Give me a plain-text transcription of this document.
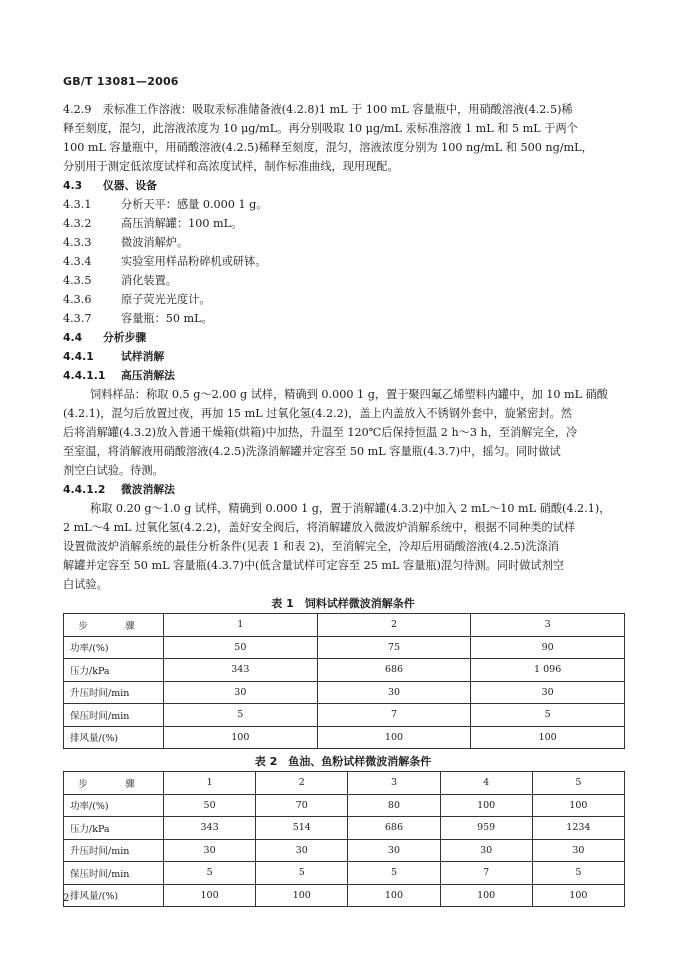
GB/T 13081—2006
4.2.9　汞标准工作溶液：吸取汞标准储备液(4.2.8)1 mL 于 100 mL 容量瓶中，用硝酸溶液(4.2.5)稀
释至刻度，混匀，此溶液浓度为 10 μg/mL。再分别吸取 10 μg/mL 汞标准溶液 1 mL 和 5 mL 于两个
100 mL 容量瓶中，用硝酸溶液(4.2.5)稀释至刻度，混匀，溶液浓度分别为 100 ng/mL 和 500 ng/mL，
分别用于测定低浓度试样和高浓度试样，制作标准曲线，现用现配。
4.3 仪器、设备
4.3.1	分析天平：感量 0.000 1 g。
4.3.2	高压消解罐：100 mL。
4.3.3	微波消解炉。
4.3.4	实验室用样品粉碎机或研钵。
4.3.5	消化装置。
4.3.6	原子荧光光度计。
4.3.7	容量瓶：50 mL。
4.4 分析步骤
4.4.1	试样消解
4.4.1.1 高压消解法
饲料样品：称取 0.5 g～2.00 g 试样，精确到 0.000 1 g，置于聚四氟乙烯塑料内罐中，加 10 mL 硝酸
(4.2.1)，混匀后放置过夜，再加 15 mL 过氧化氢(4.2.2)，盖上内盖放入不锈钢外套中，旋紧密封。然
后将消解罐(4.3.2)放入普通干燥箱(烘箱)中加热，升温至 120℃后保持恒温 2 h～3 h，至消解完全，冷
至室温，将消解液用硝酸溶液(4.2.5)洗涤消解罐并定容至 50 mL 容量瓶(4.3.7)中，摇匀。同时做试
剂空白试验。待测。
4.4.1.2 微波消解法
称取 0.20 g～1.0 g 试样，精确到 0.000 1 g，置于消解罐(4.3.2)中加入 2 mL～10 mL 硝酸(4.2.1)，
2 mL～4 mL 过氧化氢(4.2.2)，盖好安全阀后，将消解罐放入微波炉消解系统中，根据不同种类的试样
设置微波炉消解系统的最佳分析条件(见表 1 和表 2)，至消解完全，冷却后用硝酸溶液(4.2.5)洗涤消
解罐并定容至 50 mL 容量瓶(4.3.7)中(低含量试样可定容至 25 mL 容量瓶)混匀待测。同时做试剂空
白试验。
表 1　饲料试样微波消解条件
步　骤	1	2	3
功率/(%)	50	75	90
压力/kPa	343	686	1 096
升压时间/min	30	30	30
保压时间/min	5	7	5
排风量/(%)	100	100	100
表 2　鱼油、鱼粉试样微波消解条件
步　骤	1	2	3	4	5
功率/(%)	50	70	80	100	100
压力/kPa	343	514	686	959	1234
升压时间/min	30	30	30	30	30
保压时间/min	5	5	5	7	5
排风量/(%)	100	100	100	100	100
2
